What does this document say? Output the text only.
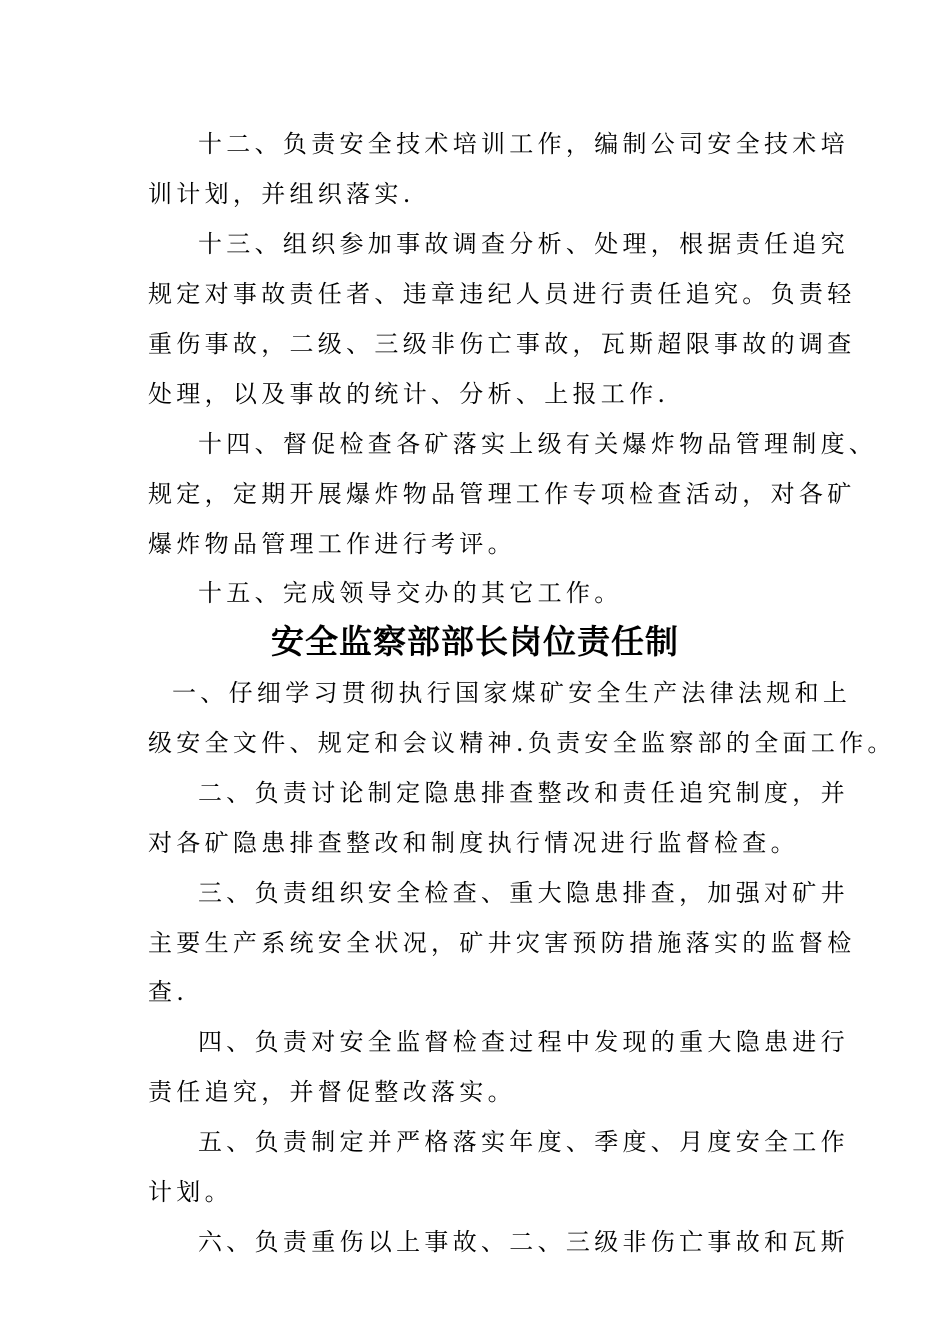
十二、负责安全技术培训工作，编制公司安全技术培
训计划，并组织落实.
十三、组织参加事故调查分析、处理，根据责任追究
规定对事故责任者、违章违纪人员进行责任追究。负责轻
重伤事故，二级、三级非伤亡事故，瓦斯超限事故的调查
处理，以及事故的统计、分析、上报工作.
十四、督促检查各矿落实上级有关爆炸物品管理制度、
规定，定期开展爆炸物品管理工作专项检查活动，对各矿
爆炸物品管理工作进行考评。
十五、完成领导交办的其它工作。
安全监察部部长岗位责任制
一、仔细学习贯彻执行国家煤矿安全生产法律法规和上
级安全文件、规定和会议精神.负责安全监察部的全面工作。
二、负责讨论制定隐患排查整改和责任追究制度，并
对各矿隐患排查整改和制度执行情况进行监督检查。
三、负责组织安全检查、重大隐患排查，加强对矿井
主要生产系统安全状况，矿井灾害预防措施落实的监督检
查.
四、负责对安全监督检查过程中发现的重大隐患进行
责任追究，并督促整改落实。
五、负责制定并严格落实年度、季度、月度安全工作
计划。
六、负责重伤以上事故、二、三级非伤亡事故和瓦斯
